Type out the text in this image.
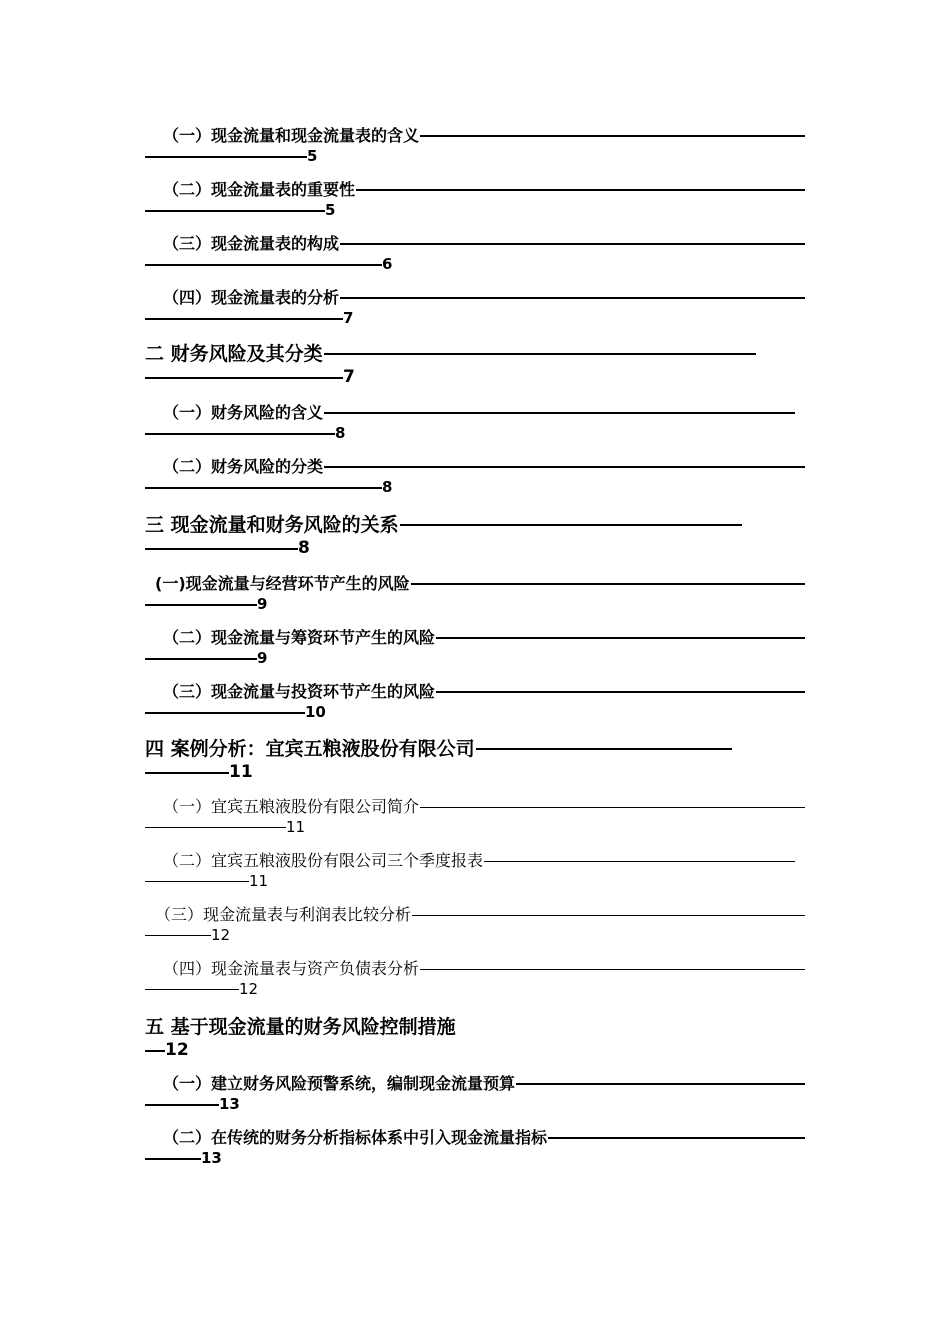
（一）现金流量和现金流量表的含义
5
（二）现金流量表的重要性
5
（三）现金流量表的构成
6
（四）现金流量表的分析
7
二 财务风险及其分类
7
（一）财务风险的含义
8
（二）财务风险的分类
8
三 现金流量和财务风险的关系
8
(一)现金流量与经营环节产生的风险
9
（二）现金流量与筹资环节产生的风险
9
（三）现金流量与投资环节产生的风险
10
四 案例分析：宜宾五粮液股份有限公司
11
（一）宜宾五粮液股份有限公司简介
11
（二）宜宾五粮液股份有限公司三个季度报表
11
（三）现金流量表与利润表比较分析
12
（四）现金流量表与资产负债表分析
12
五 基于现金流量的财务风险控制措施
12
（一）建立财务风险预警系统，编制现金流量预算
13
（二）在传统的财务分析指标体系中引入现金流量指标
13
